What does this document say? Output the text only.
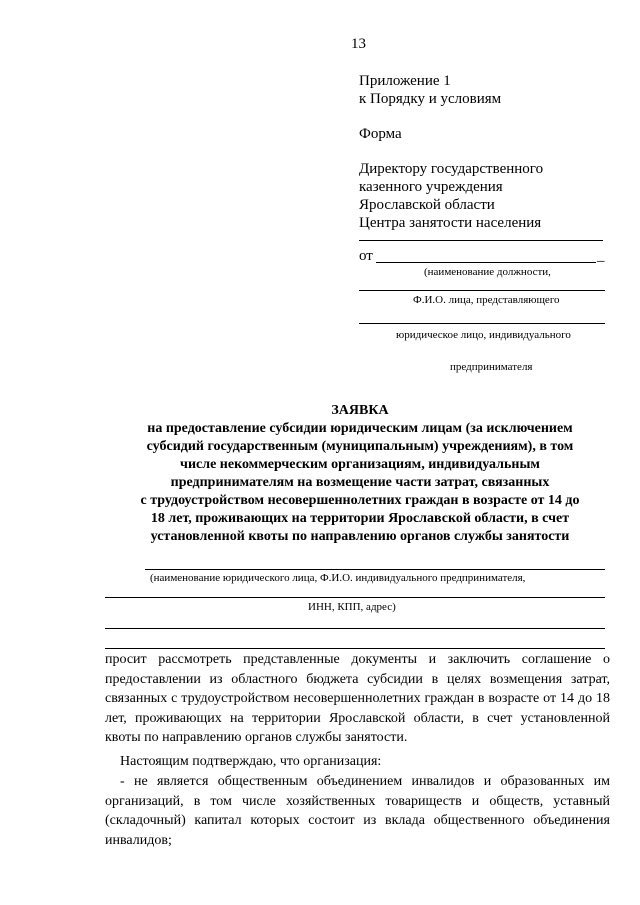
13
Приложение 1
к Порядку и условиям
Форма
Директору государственного
казенного учреждения
Ярославской области
Центра занятости населения
от	_
(наименование должности,
Ф.И.О. лица, представляющего
юридическое лицо, индивидуального
предпринимателя
ЗАЯВКА
на предоставление субсидии юридическим лицам (за исключением
субсидий государственным (муниципальным) учреждениям), в том
числе некоммерческим организациям, индивидуальным
предпринимателям на возмещение части затрат, связанных
с трудоустройством несовершеннолетних граждан в возрасте от 14 до
18 лет, проживающих на территории Ярославской области, в счет
установленной квоты по направлению органов службы занятости
(наименование юридического лица, Ф.И.О. индивидуального предпринимателя,
ИНН, КПП, адрес)
просит рассмотреть представленные документы и заключить соглашение о предоставлении из областного бюджета субсидии в целях возмещения затрат, связанных с трудоустройством несовершеннолетних граждан в возрасте от 14 до 18 лет, проживающих на территории Ярославской области, в счет установленной квоты по направлению органов службы занятости.
Настоящим подтверждаю, что организация:
- не является общественным объединением инвалидов и образованных им организаций, в том числе хозяйственных товариществ и обществ, уставный (складочный) капитал которых состоит из вклада общественного объединения инвалидов;
